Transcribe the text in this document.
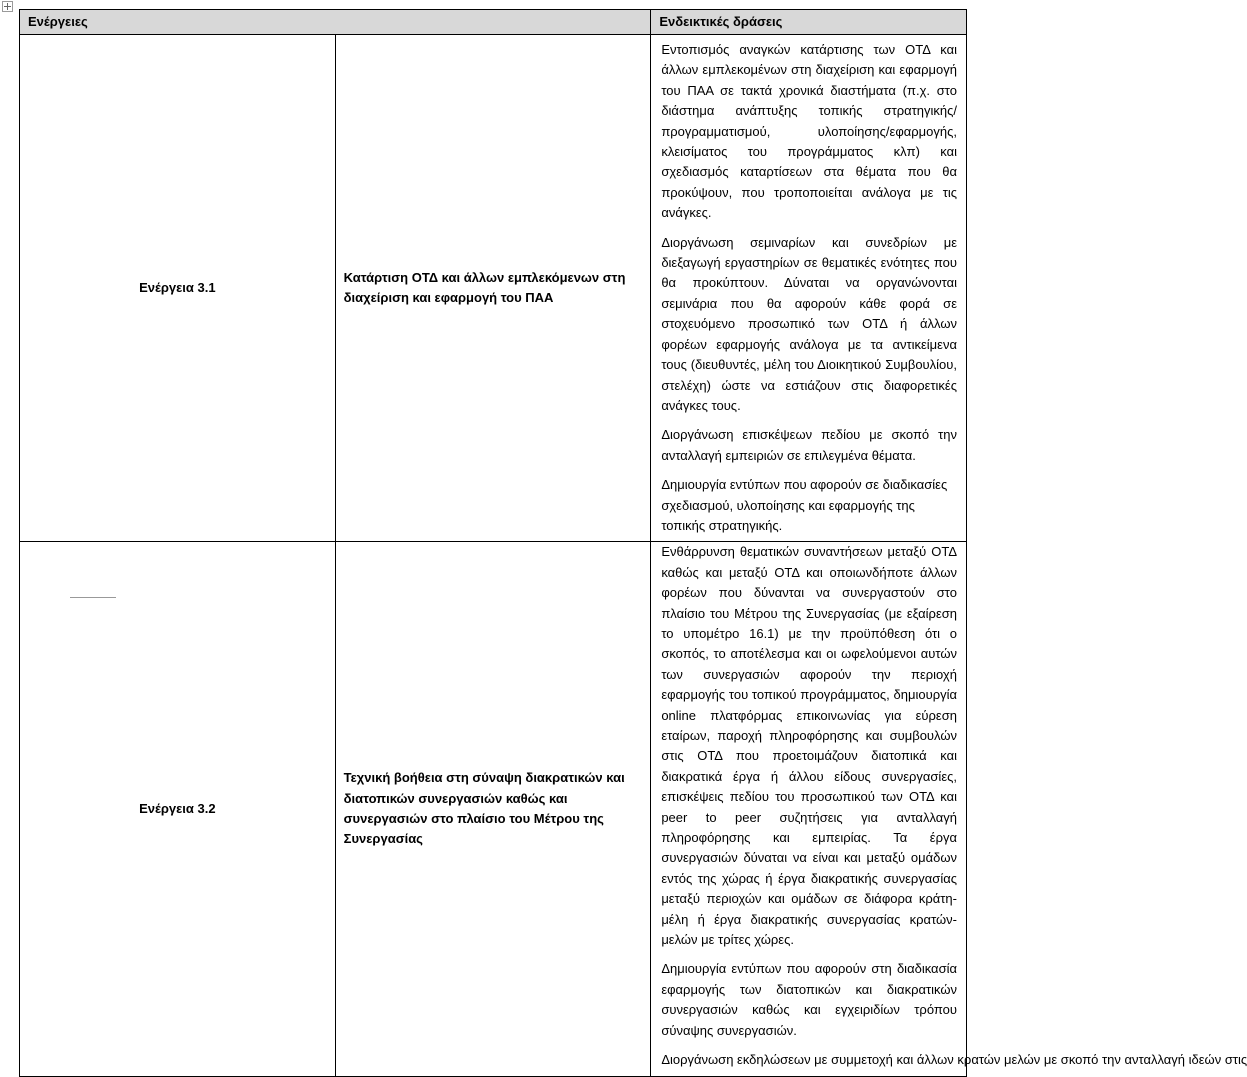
Ενέργειες		Ενδεικτικές δράσεις
Ενέργεια 3.1	Κατάρτιση ΟΤΔ και άλλων εμπλεκόμενων στη διαχείριση και εφαρμογή του ΠΑΑ	Εντοπισμός αναγκών κατάρτισης των ΟΤΔ και άλλων εμπλεκομένων στη διαχείριση και εφαρμογή του ΠΑΑ σε τακτά χρονικά διαστήματα (π.χ. στο διάστημα ανάπτυξης τοπικής στρατηγικής/προγραμματισμού, υλοποίησης/εφαρμογής, κλεισίματος του προγράμματος κλπ) και σχεδιασμός καταρτίσεων στα θέματα που θα προκύψουν, που τροποποιείται ανάλογα με τις ανάγκες.

Διοργάνωση σεμιναρίων και συνεδρίων με διεξαγωγή εργαστηρίων σε θεματικές ενότητες που θα προκύπτουν. Δύναται να οργανώνονται σεμινάρια που θα αφορούν κάθε φορά σε στοχευόμενο προσωπικό των ΟΤΔ ή άλλων φορέων εφαρμογής ανάλογα με τα αντικείμενα τους (διευθυντές, μέλη του Διοικητικού Συμβουλίου, στελέχη) ώστε να εστιάζουν στις διαφορετικές ανάγκες τους.

Διοργάνωση επισκέψεων πεδίου με σκοπό την ανταλλαγή εμπειριών σε επιλεγμένα θέματα.

Δημιουργία εντύπων που αφορούν σε διαδικασίες σχεδιασμού, υλοποίησης και εφαρμογής της τοπικής στρατηγικής.

Ενέργεια 3.2	Τεχνική βοήθεια στη σύναψη διακρατικών και διατοπικών συνεργασιών καθώς και συνεργασιών στο πλαίσιο του Μέτρου της Συνεργασίας	Ενθάρρυνση θεματικών συναντήσεων μεταξύ ΟΤΔ καθώς και μεταξύ ΟΤΔ και οποιωνδήποτε άλλων φορέων που δύνανται να συνεργαστούν στο πλαίσιο του Μέτρου της Συνεργασίας (με εξαίρεση το υπομέτρο 16.1) με την προϋπόθεση ότι ο σκοπός, το αποτέλεσμα και οι ωφελούμενοι αυτών των συνεργασιών αφορούν την περιοχή εφαρμογής του τοπικού προγράμματος, δημιουργία online πλατφόρμας επικοινωνίας για εύρεση εταίρων, παροχή πληροφόρησης και συμβουλών στις ΟΤΔ που προετοιμάζουν διατοπικά και διακρατικά έργα ή άλλου είδους συνεργασίες, επισκέψεις πεδίου του προσωπικού των ΟΤΔ και peer to peer συζητήσεις για ανταλλαγή πληροφόρησης και εμπειρίας. Τα έργα συνεργασιών δύναται να είναι και μεταξύ ομάδων εντός της χώρας ή έργα διακρατικής συνεργασίας μεταξύ περιοχών και ομάδων σε διάφορα κράτη-μέλη ή έργα διακρατικής συνεργασίας κρατών-μελών με τρίτες χώρες.

Δημιουργία εντύπων που αφορούν στη διαδικασία εφαρμογής των διατοπικών και διακρατικών συνεργασιών καθώς και εγχειριδίων τρόπου σύναψης συνεργασιών.

Διοργάνωση εκδηλώσεων με συμμετοχή και άλλων κρατών μελών με σκοπό την ανταλλαγή ιδεών στις
